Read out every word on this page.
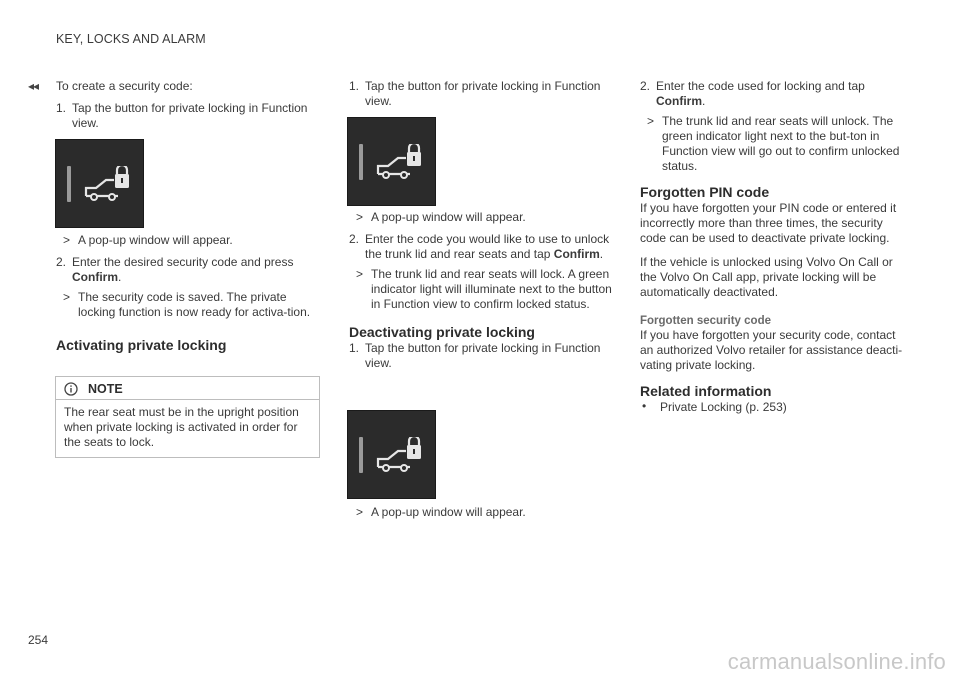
KEY, LOCKS AND ALARM
◂◂ To create a security code:

1. Tap the button for private locking in Function view.
> A pop-up window will appear.
2. Enter the desired security code and press Confirm.
> The security code is saved. The private locking function is now ready for activa-tion.
Activating private locking
NOTE
The rear seat must be in the upright position when private locking is activated in order for the seats to lock.
1. Tap the button for private locking in Function view.
> A pop-up window will appear.
2. Enter the code you would like to use to unlock the trunk lid and rear seats and tap Confirm.
> The trunk lid and rear seats will lock. A green indicator light will illuminate next to the button in Function view to confirm locked status.
Deactivating private locking
1. Tap the button for private locking in Function view.
> A pop-up window will appear.
2. Enter the code used for locking and tap Confirm.
> The trunk lid and rear seats will unlock. The green indicator light next to the but-ton in Function view will go out to confirm unlocked status.
Forgotten PIN code

If you have forgotten your PIN code or entered it incorrectly more than three times, the security code can be used to deactivate private locking.

If the vehicle is unlocked using Volvo On Call or the Volvo On Call app, private locking will be automatically deactivated.

Forgotten security code

If you have forgotten your security code, contact an authorized Volvo retailer for assistance deacti-vating private locking.

Related information
• Private Locking (p. 253)
254
carmanualsonline.info
